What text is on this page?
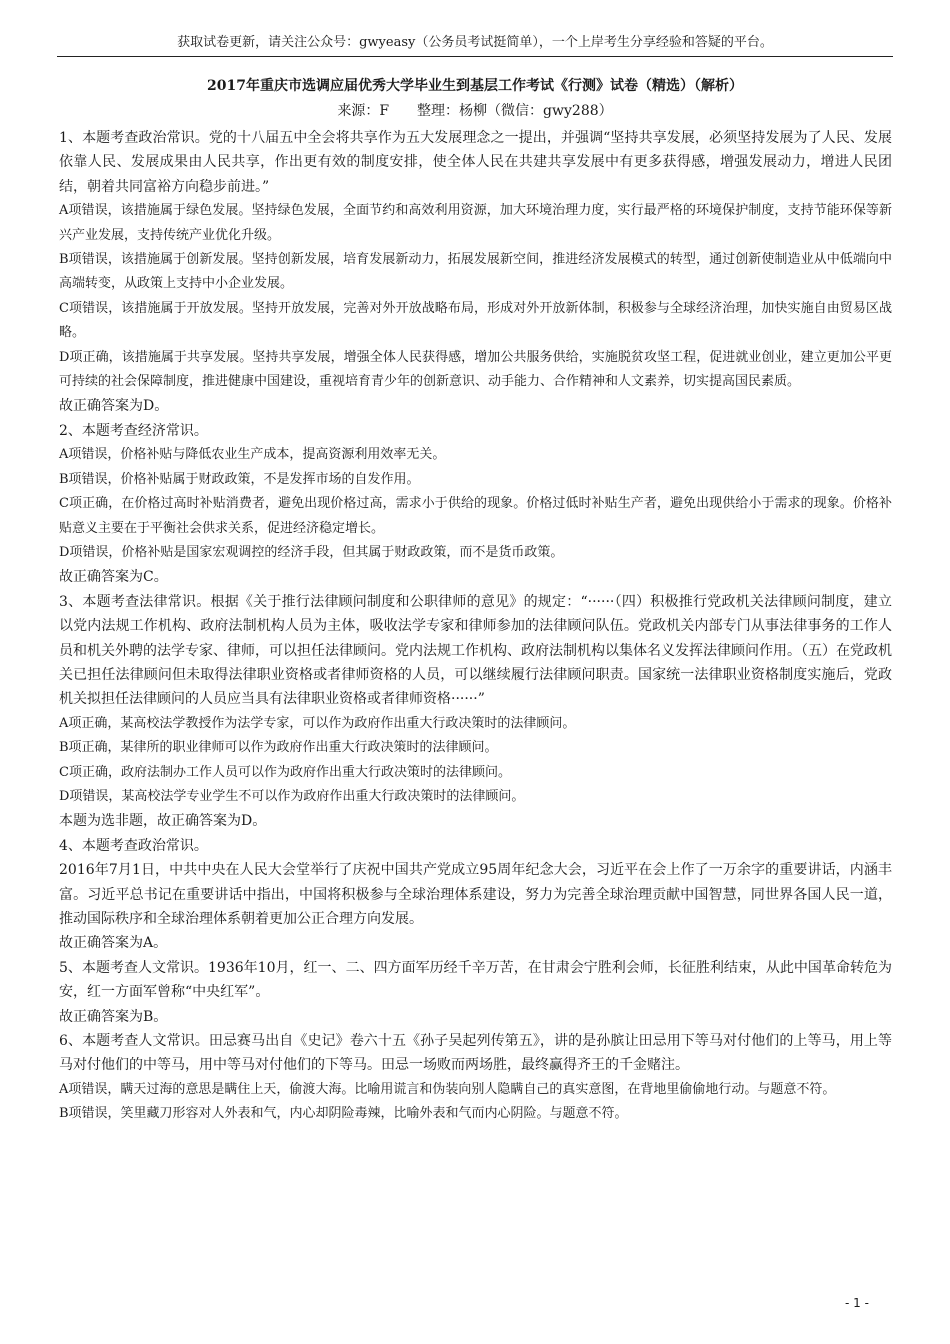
获取试卷更新，请关注公众号：gwyeasy（公务员考试挺简单），一个上岸考生分享经验和答疑的平台。
2017年重庆市选调应届优秀大学毕业生到基层工作考试《行测》试卷（精选）（解析）
来源：F　　整理：杨柳（微信：gwy288）

1、本题考查政治常识。党的十八届五中全会将共享作为五大发展理念之一提出，并强调“坚持共享发展，必须坚持发展为了人民、发展依靠人民、发展成果由人民共享，作出更有效的制度安排，使全体人民在共建共享发展中有更多获得感，增强发展动力，增进人民团结，朝着共同富裕方向稳步前进。”

A项错误，该措施属于绿色发展。坚持绿色发展，全面节约和高效利用资源，加大环境治理力度，实行最严格的环境保护制度，支持节能环保等新兴产业发展，支持传统产业优化升级。

B项错误，该措施属于创新发展。坚持创新发展，培育发展新动力，拓展发展新空间，推进经济发展模式的转型，通过创新使制造业从中低端向中高端转变，从政策上支持中小企业发展。

C项错误，该措施属于开放发展。坚持开放发展，完善对外开放战略布局，形成对外开放新体制，积极参与全球经济治理，加快实施自由贸易区战略。

D项正确，该措施属于共享发展。坚持共享发展，增强全体人民获得感，增加公共服务供给，实施脱贫攻坚工程，促进就业创业，建立更加公平更可持续的社会保障制度，推进健康中国建设，重视培育青少年的创新意识、动手能力、合作精神和人文素养，切实提高国民素质。

故正确答案为D。

2、本题考查经济常识。

A项错误，价格补贴与降低农业生产成本，提高资源利用效率无关。

B项错误，价格补贴属于财政政策，不是发挥市场的自发作用。

C项正确，在价格过高时补贴消费者，避免出现价格过高，需求小于供给的现象。价格过低时补贴生产者，避免出现供给小于需求的现象。价格补贴意义主要在于平衡社会供求关系，促进经济稳定增长。

D项错误，价格补贴是国家宏观调控的经济手段，但其属于财政政策，而不是货币政策。

故正确答案为C。

3、本题考查法律常识。根据《关于推行法律顾问制度和公职律师的意见》的规定：“······（四）积极推行党政机关法律顾问制度，建立以党内法规工作机构、政府法制机构人员为主体，吸收法学专家和律师参加的法律顾问队伍。党政机关内部专门从事法律事务的工作人员和机关外聘的法学专家、律师，可以担任法律顾问。党内法规工作机构、政府法制机构以集体名义发挥法律顾问作用。（五）在党政机关已担任法律顾问但未取得法律职业资格或者律师资格的人员，可以继续履行法律顾问职责。国家统一法律职业资格制度实施后，党政机关拟担任法律顾问的人员应当具有法律职业资格或者律师资格······”

A项正确，某高校法学教授作为法学专家，可以作为政府作出重大行政决策时的法律顾问。

B项正确，某律所的职业律师可以作为政府作出重大行政决策时的法律顾问。

C项正确，政府法制办工作人员可以作为政府作出重大行政决策时的法律顾问。

D项错误，某高校法学专业学生不可以作为政府作出重大行政决策时的法律顾问。

本题为选非题，故正确答案为D。

4、本题考查政治常识。

2016年7月1日，中共中央在人民大会堂举行了庆祝中国共产党成立95周年纪念大会，习近平在会上作了一万余字的重要讲话，内涵丰富。习近平总书记在重要讲话中指出，中国将积极参与全球治理体系建设，努力为完善全球治理贡献中国智慧，同世界各国人民一道，推动国际秩序和全球治理体系朝着更加公正合理方向发展。

故正确答案为A。

5、本题考查人文常识。1936年10月，红一、二、四方面军历经千辛万苦，在甘肃会宁胜利会师，长征胜利结束，从此中国革命转危为安，红一方面军曾称“中央红军”。

故正确答案为B。

6、本题考查人文常识。田忌赛马出自《史记》卷六十五《孙子吴起列传第五》，讲的是孙膑让田忌用下等马对付他们的上等马，用上等马对付他们的中等马，用中等马对付他们的下等马。田忌一场败而两场胜，最终赢得齐王的千金赌注。

A项错误，瞒天过海的意思是瞒住上天，偷渡大海。比喻用谎言和伪装向别人隐瞒自己的真实意图，在背地里偷偷地行动。与题意不符。

B项错误，笑里藏刀形容对人外表和气，内心却阴险毒辣，比喻外表和气而内心阴险。与题意不符。

- 1 -
